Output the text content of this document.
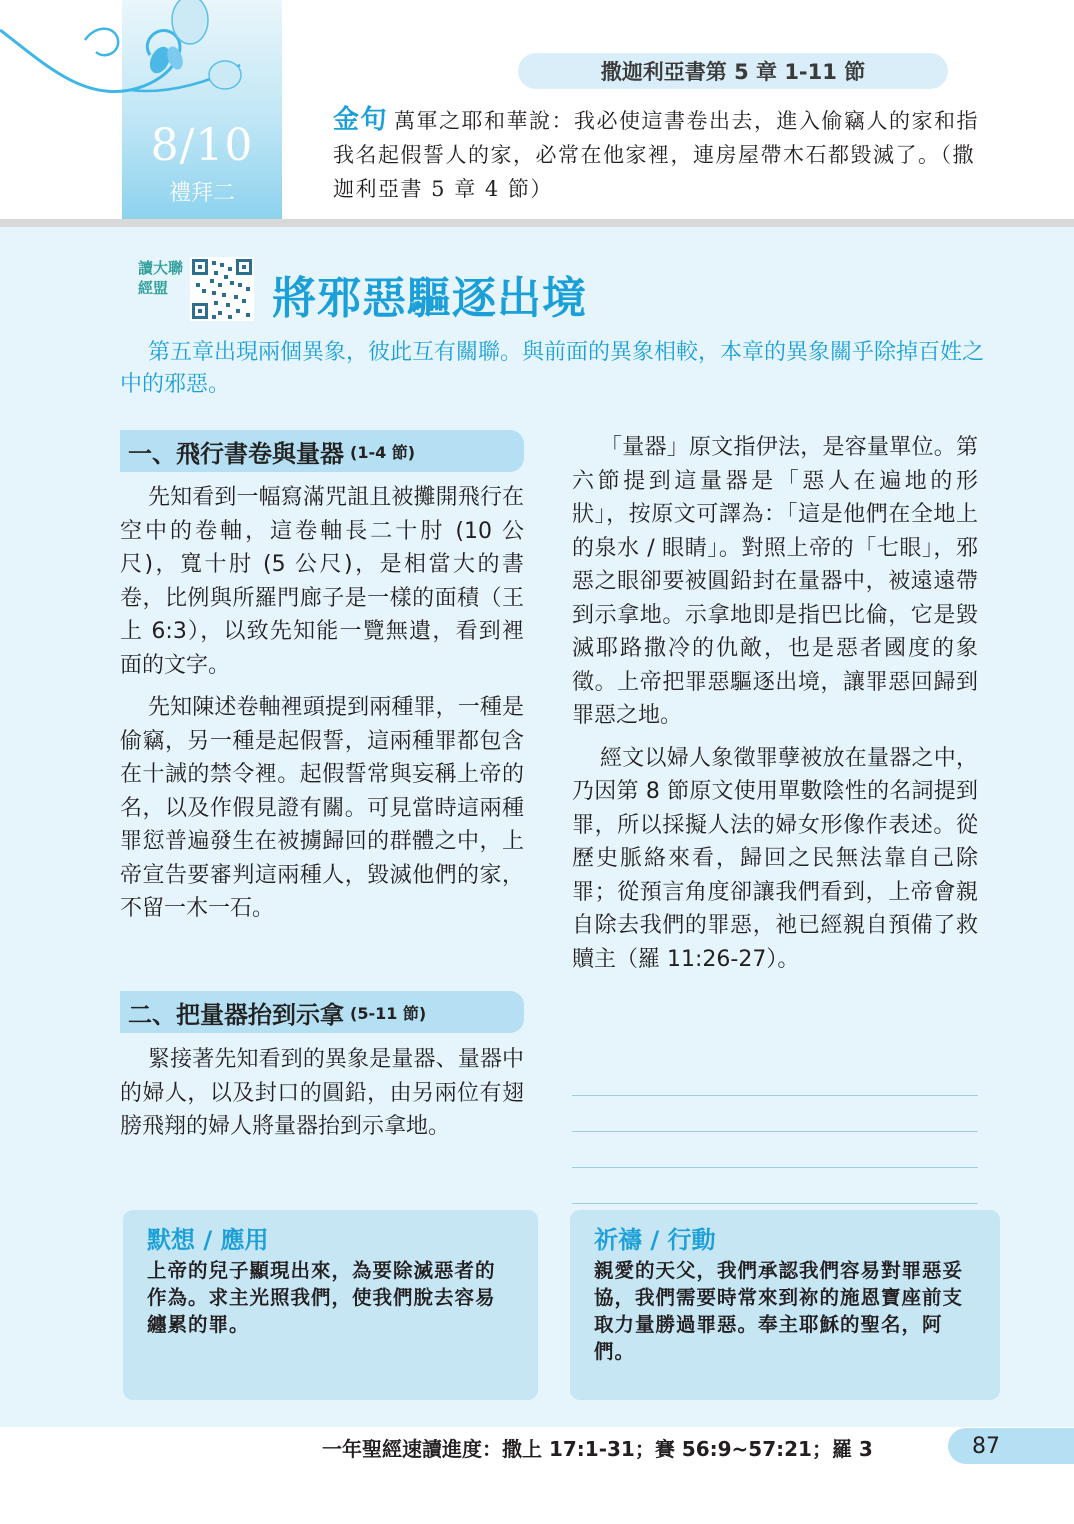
8/10
禮拜二
撒迦利亞書第 5 章 1-11 節
金句 萬軍之耶和華說：我必使這書卷出去，進入偷竊人的家和指我名起假誓人的家，必常在他家裡，連房屋帶木石都毀滅了。（撒迦利亞書 5 章 4 節）
讀大聯經盟	將邪惡驅逐出境
第五章出現兩個異象，彼此互有關聯。與前面的異象相較，本章的異象關乎除掉百姓之中的邪惡。
一、飛行書卷與量器 (1-4 節)

先知看到一幅寫滿咒詛且被攤開飛行在空中的卷軸，這卷軸長二十肘 (10 公尺)，寬十肘 (5 公尺)，是相當大的書卷，比例與所羅門廊子是一樣的面積（王上 6:3），以致先知能一覽無遺，看到裡面的文字。

先知陳述卷軸裡頭提到兩種罪，一種是偷竊，另一種是起假誓，這兩種罪都包含在十誡的禁令裡。起假誓常與妄稱上帝的名，以及作假見證有關。可見當時這兩種罪愆普遍發生在被擄歸回的群體之中，上帝宣告要審判這兩種人，毀滅他們的家，不留一木一石。

二、把量器抬到示拿 (5-11 節)

緊接著先知看到的異象是量器、量器中的婦人，以及封口的圓鉛，由另兩位有翅膀飛翔的婦人將量器抬到示拿地。

「量器」原文指伊法，是容量單位。第六節提到這量器是「惡人在遍地的形狀」，按原文可譯為：「這是他們在全地上的泉水 / 眼睛」。對照上帝的「七眼」，邪惡之眼卻要被圓鉛封在量器中，被遠遠帶到示拿地。示拿地即是指巴比倫，它是毀滅耶路撒冷的仇敵，也是惡者國度的象徵。上帝把罪惡驅逐出境，讓罪惡回歸到罪惡之地。

經文以婦人象徵罪孽被放在量器之中，乃因第 8 節原文使用單數陰性的名詞提到罪，所以採擬人法的婦女形像作表述。從歷史脈絡來看，歸回之民無法靠自己除罪；從預言角度卻讓我們看到，上帝會親自除去我們的罪惡，祂已經親自預備了救贖主（羅 11:26-27）。

默想 / 應用
上帝的兒子顯現出來，為要除滅惡者的作為。求主光照我們，使我們脫去容易纏累的罪。
祈禱 / 行動
親愛的天父，我們承認我們容易對罪惡妥協，我們需要時常來到祢的施恩寶座前支取力量勝過罪惡。奉主耶穌的聖名，阿們。
一年聖經速讀進度：撒上 17:1-31；賽 56:9~57:21；羅 3	87
